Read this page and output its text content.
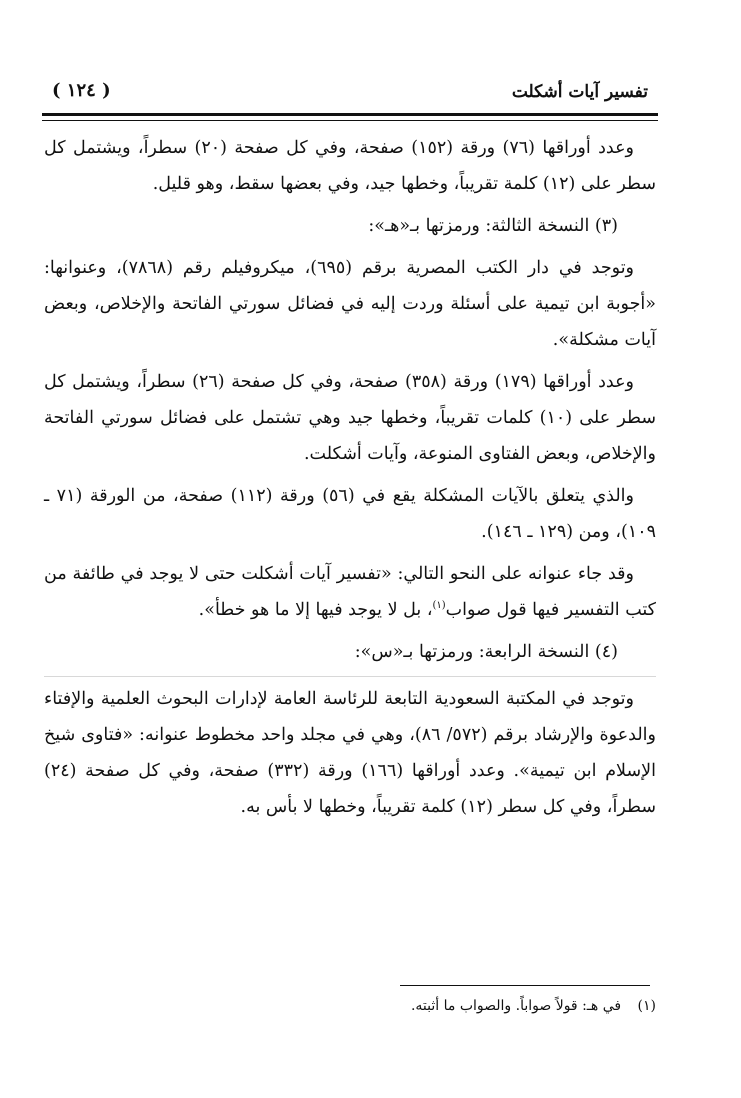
تفسير آيات أشكلت
( ١٢٤ )

وعدد أوراقها (٧٦) ورقة (١٥٢) صفحة، وفي كل صفحة (٢٠) سطراً، ويشتمل كل سطر على (١٢) كلمة تقريباً، وخطها جيد، وفي بعضها سقط، وهو قليل.

(٣) النسخة الثالثة: ورمزتها بـ«هـ»:

وتوجد في دار الكتب المصرية برقم (٦٩٥)، ميكروفيلم رقم (٧٨٦٨)، وعنوانها: «أجوبة ابن تيمية على أسئلة وردت إليه في فضائل سورتي الفاتحة والإخلاص، وبعض آيات مشكلة».

وعدد أوراقها (١٧٩) ورقة (٣٥٨) صفحة، وفي كل صفحة (٢٦) سطراً، ويشتمل كل سطر على (١٠) كلمات تقريباً، وخطها جيد وهي تشتمل على فضائل سورتي الفاتحة والإخلاص، وبعض الفتاوى المنوعة، وآيات أشكلت.

والذي يتعلق بالآيات المشكلة يقع في (٥٦) ورقة (١١٢) صفحة، من الورقة (٧١ ـ ١٠٩)، ومن (١٢٩ ـ ١٤٦).

وقد جاء عنوانه على النحو التالي: «تفسير آيات أشكلت حتى لا يوجد في طائفة من كتب التفسير فيها قول صواب$^{(١)}$، بل لا يوجد فيها إلا ما هو خطأ».

(٤) النسخة الرابعة: ورمزتها بـ«س»:

وتوجد في المكتبة السعودية التابعة للرئاسة العامة لإدارات البحوث العلمية والإفتاء والدعوة والإرشاد برقم (٥٧٢/ ٨٦)، وهي في مجلد واحد مخطوط عنوانه: «فتاوى شيخ الإسلام ابن تيمية». وعدد أوراقها (١٦٦) ورقة (٣٣٢) صفحة، وفي كل صفحة (٢٤) سطراً، وفي كل سطر (١٢) كلمة تقريباً، وخطها لا بأس به.

(١) في هـ: قولاً صواباً. والصواب ما أثبته.
